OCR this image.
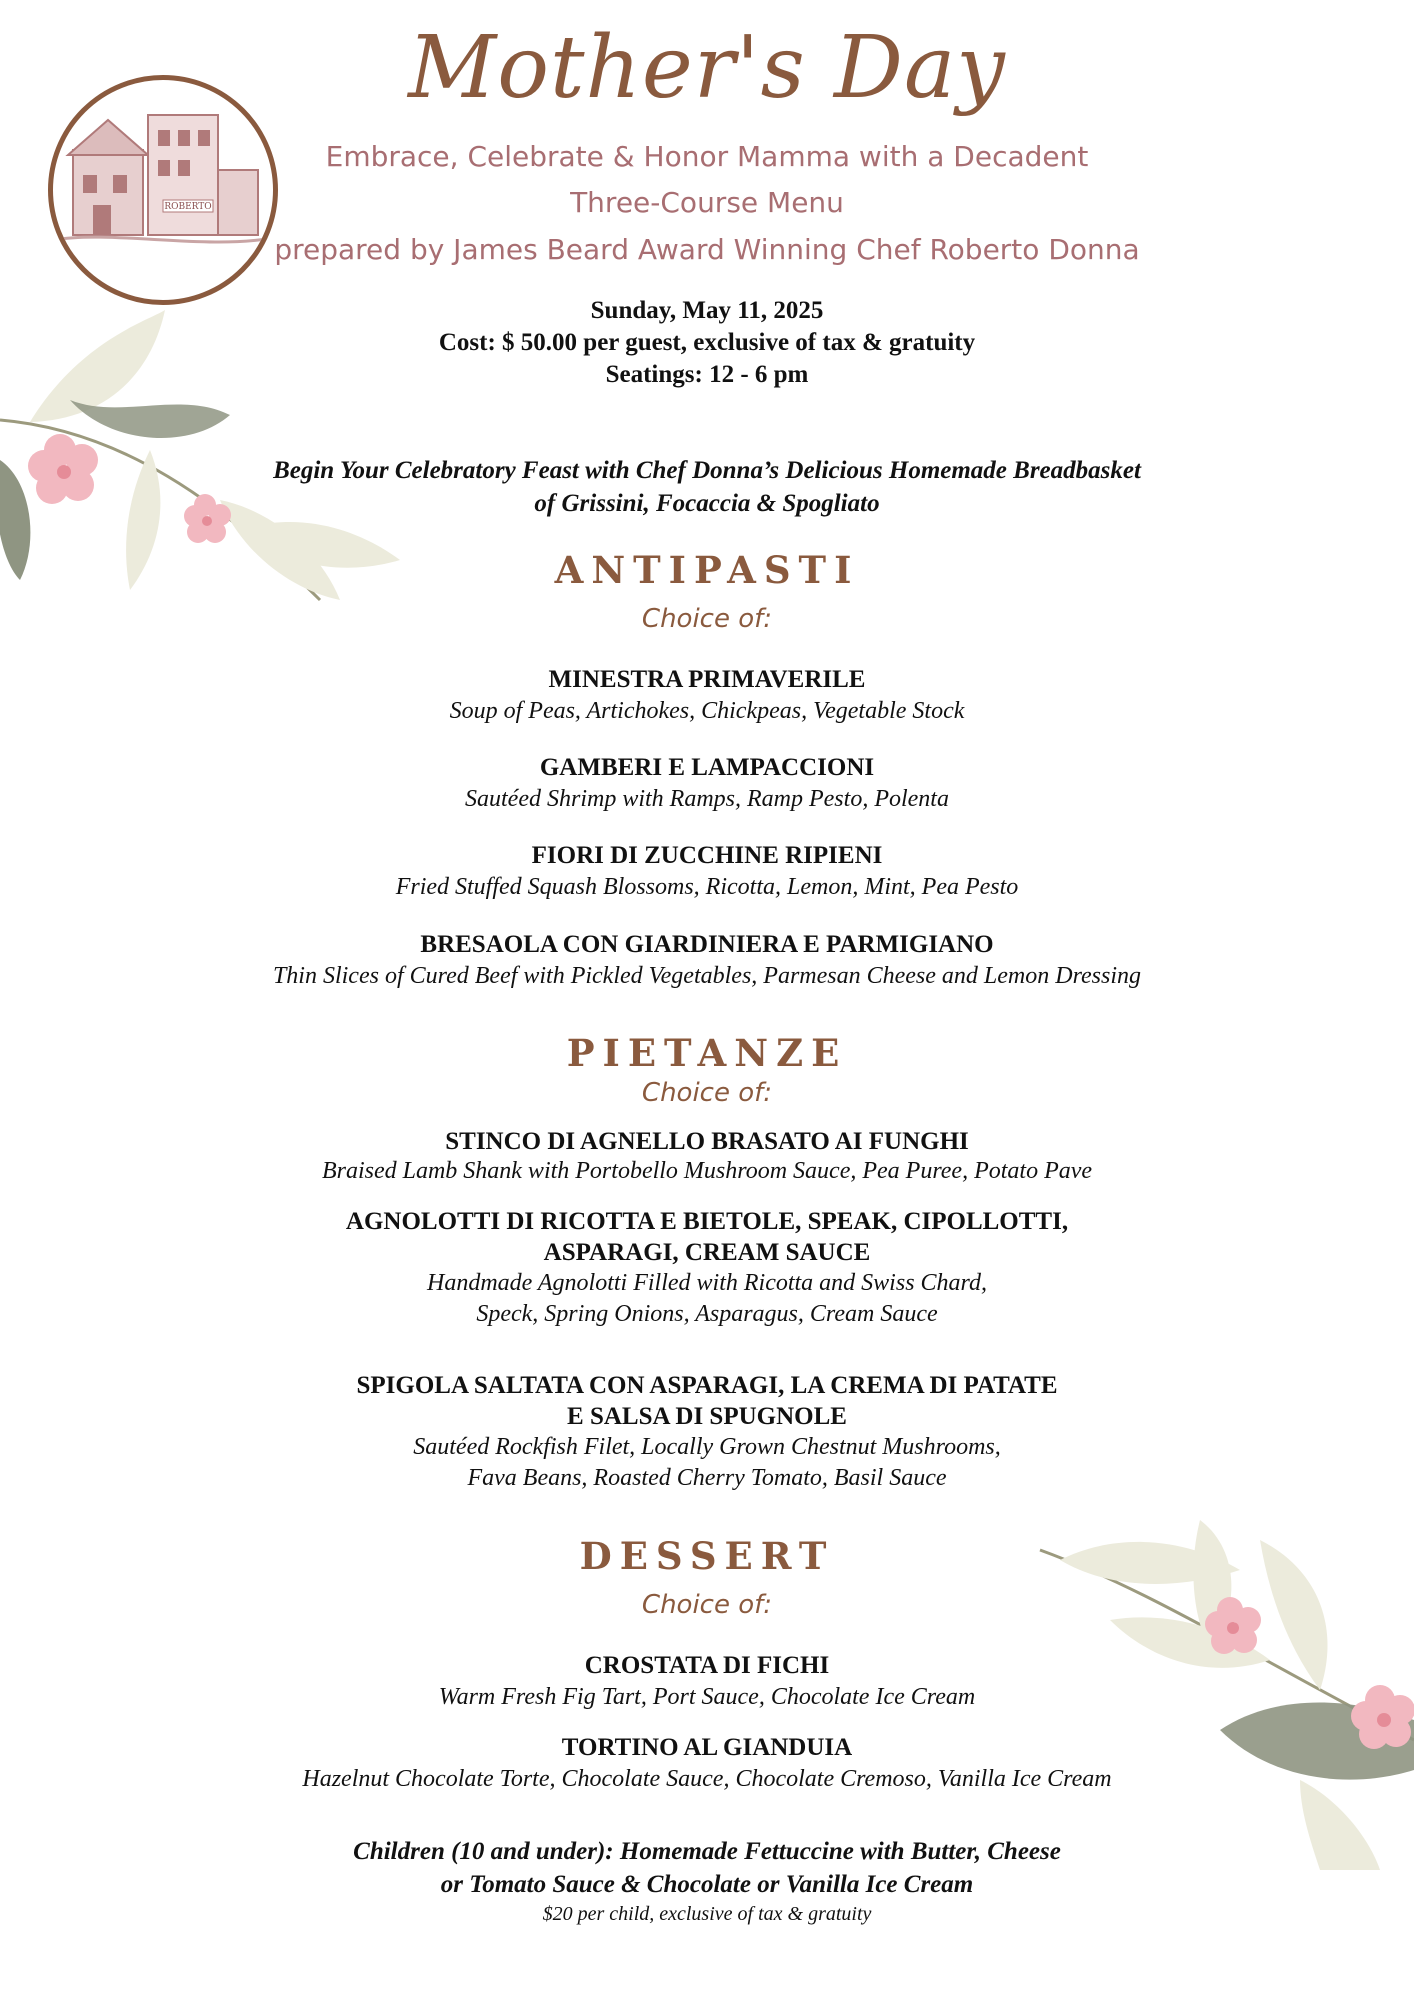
ROBERTO
Mother's Day
Embrace, Celebrate & Honor Mamma with a Decadent
Three-Course Menu
prepared by James Beard Award Winning Chef Roberto Donna
Sunday, May 11, 2025
Cost: $ 50.00 per guest, exclusive of tax & gratuity
Seatings: 12 - 6 pm
Begin Your Celebratory Feast with Chef Donna’s Delicious Homemade Breadbasket
of Grissini, Focaccia & Spogliato
ANTIPASTI
Choice of:
MINESTRA PRIMAVERILE
Soup of Peas, Artichokes, Chickpeas, Vegetable Stock
GAMBERI E LAMPACCIONI
Sautéed Shrimp with Ramps, Ramp Pesto, Polenta
FIORI DI ZUCCHINE RIPIENI
Fried Stuffed Squash Blossoms, Ricotta, Lemon, Mint, Pea Pesto
BRESAOLA CON GIARDINIERA E PARMIGIANO
Thin Slices of Cured Beef with Pickled Vegetables, Parmesan Cheese and Lemon Dressing
PIETANZE
Choice of:
STINCO DI AGNELLO BRASATO AI FUNGHI
Braised Lamb Shank with Portobello Mushroom Sauce, Pea Puree, Potato Pave
AGNOLOTTI DI RICOTTA E BIETOLE, SPEAK, CIPOLLOTTI,
ASPARAGI, CREAM SAUCE
Handmade Agnolotti Filled with Ricotta and Swiss Chard,
Speck, Spring Onions, Asparagus, Cream Sauce
SPIGOLA SALTATA CON ASPARAGI, LA CREMA DI PATATE
E SALSA DI SPUGNOLE
Sautéed Rockfish Filet, Locally Grown Chestnut Mushrooms,
Fava Beans, Roasted Cherry Tomato, Basil Sauce
DESSERT
Choice of:
CROSTATA DI FICHI
Warm Fresh Fig Tart, Port Sauce, Chocolate Ice Cream
TORTINO AL GIANDUIA
Hazelnut Chocolate Torte, Chocolate Sauce, Chocolate Cremoso, Vanilla Ice Cream
Children (10 and under): Homemade Fettuccine with Butter, Cheese
or Tomato Sauce & Chocolate or Vanilla Ice Cream
$20 per child, exclusive of tax & gratuity
